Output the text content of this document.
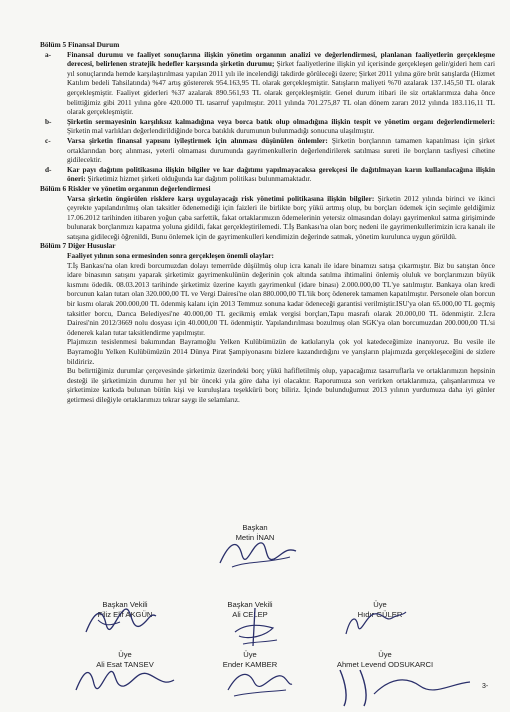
Bölüm 5 Finansal Durum

a-	Finansal durumu ve faaliyet sonuçlarına ilişkin yönetim organının analizi ve değerlendirmesi, planlanan faaliyetlerin gerçekleşme derecesi, belirlenen stratejik hedefler karşısında şirketin durumu; Şirket faaliyetlerine ilişkin yıl içerisinde gerçekleşen gelir/gideri hem cari yıl sonuçlarında hemde karşılaştırılması yapılan 2011 yılı ile incelendiği takdirde görüleceği üzere; Şirket 2011 yılına göre brüt satışlarda (Hizmet Katılım bedeli Tahsilatında) %47 artış göstererek 954.163,95 TL olarak gerçekleşmiştir. Satışların maliyeti %70 azalarak 137.145,50 TL olarak gerçekleşmiştir. Faaliyet giderleri %37 azalarak 890.561,93 TL olarak gerçekleşmiştir. Genel durum itibari ile siz ortaklarımıza daha önce belittiğimiz gibi 2011 yılına göre 420.000 TL tasarruf yapılmıştır. 2011 yılında 701.275,87 TL olan dönem zararı 2012 yılında 183.116,11 TL olarak gerçekleşmiştir.
b-	Şirketin sermayesinin karşılıksız kalmadığına veya borca batık olup olmadığına ilişkin tespit ve yönetim organı değerlendirmeleri: Şirketin mal varlıkları değerlendirildiğinde borca batıklık durumunun bulunmadığı sonucuna ulaşılmıştır.
c-	Varsa şirketin finansal yapısını iyileştirmek için alınması düşünülen önlemler: Şirketin borçlarının tamamen kapatılması için şirket ortaklarından borç alınması, yeterli olmaması durumunda gayrimenkullerin değerlendirilerek satılması sureti ile borçların tasfiyesi cihetine gidilecektir.
d-	Kar payı dağıtım politikasına ilişkin bilgiler ve kar dağıtımı yapılmayacaksa gerekçesi ile dağıtılmayan karın kullanılacağına ilişkin öneri: Şirketimiz hizmet şirketi olduğunda kar dağıtım politikası bulunmamaktadır.

Bölüm 6 Riskler ve yönetim organının değerlendirmesi

Varsa şirketin öngörülen risklere karşı uygulayacağı risk yönetimi politikasına ilişkin bilgiler: Şirketin 2012 yılında birinci ve ikinci çeyrekte yapılandırılmış olan taksitler ödenemediği için faizleri ile birlikte borç yükü artmış olup, bu borçları ödemek için seçimle geldiğimiz 17.06.2012 tarihinden itibaren yoğun çaba sarfettik, fakat ortaklarımızın ödemelerinin yetersiz olmasından dolayı gayrimenkul satma girişiminde bulunarak borçlarımızı kapatma yoluna gidildi, fakat gerçekleştirilemedi. T.İş Bankası'na olan borç nedeni ile gayrimenkullerimizin icra kanalı ile satışına gidileceği öğrenildi, Bunu önlemek için de gayrimenkulleri kendimizin değerinde satmak, yönetim kurulunca uygun görüldü.

Bölüm 7 Diğer Hususlar

Faaliyet yılının sona ermesinden sonra gerçekleşen önemli olaylar:

T.İş Bankası'na olan kredi borcumuzdan dolayı temerrüde düşülmüş olup icra kanalı ile idare binamızı satışa çıkarmıştır. Biz bu satıştan önce idare binasının satışını yaparak şirketimiz gayrimenkulünün değerinin çok altında satılma ihtimalini önlemiş oluluk ve borçlarımızın büyük kısmını ödedik. 08.03.2013 tarihinde şirketimiz üzerine kayıtlı gayrimenkul (idare binası) 2.000.000,00 TL'ye satılmıştır. Bankaya olan kredi borcunun kalan tutarı olan 320.000,00 TL ve Vergi Dairesi'ne olan 880.000,00 TL'lik borç ödenerek tamamen kapatılmıştır. Personele olan borcun bir kısmı olarak 200.000,00 TL ödenmiş kalanı için 2013 Temmuz sonuna kadar ödeneceği garantisi verilmiştir.ISU'ya olan 65.000,00 TL geçmiş taksitler borcu, Darıca Belediyesi'ne 40.000,00 TL gecikmiş emlak vergisi borçları,Tapu masrafı olarak 20.000,00 TL ödenmiştir. 2.İcra Dairesi'nin 2012/3669 nolu dosyası için 40.000,00 TL ödenmiştir. Yapılandırılması bozulmuş olan SGK'ya olan borcumuzdan 200.000,00 TL'si ödenerek kalan tutar taksitlendirme yapılmıştır.

Plajımızın tesislenmesi bakımından Bayramoğlu Yelken Kulübümüzün de katkılarıyla çok yol katedeceğimize inanıyoruz. Bu vesile ile Bayramoğlu Yelken Kulübümüzün 2014 Dünya Pirat Şampiyonasını bizlere kazandırdığını ve yarışların plajımızda gerçekleşeceğini de sizlere bildiririz.

Bu belirttiğimiz durumlar çerçevesinde şirketimiz üzerindeki borç yükü hafifletilmiş olup, yapacağımız tasarruflarla ve ortaklarımızın hepsinin desteği ile şirketimizin durumu her yıl bir önceki yıla göre daha iyi olacaktır. Raporumuza son verirken ortaklarımıza, çalışanlarımıza ve şirketimize katkıda bulunan bütün kişi ve kuruluşlara teşekkürü borç biliriz. İçinde bulunduğumuz 2013 yılının yurdumuza daha iyi günler getirmesi dileğiyle ortaklarımızı tekrar saygı ile selamlarız.

Başkan
Metin İNAN
Başkan Vekili
Filiz Elif AKGÜN
Başkan Vekili
Ali CELEP
Üye
Hıdır GÜLER
Üye
Ali Esat TANSEV
Üye
Ender KAMBER
Üye
Ahmet Levend ODSUKARCI
3-
